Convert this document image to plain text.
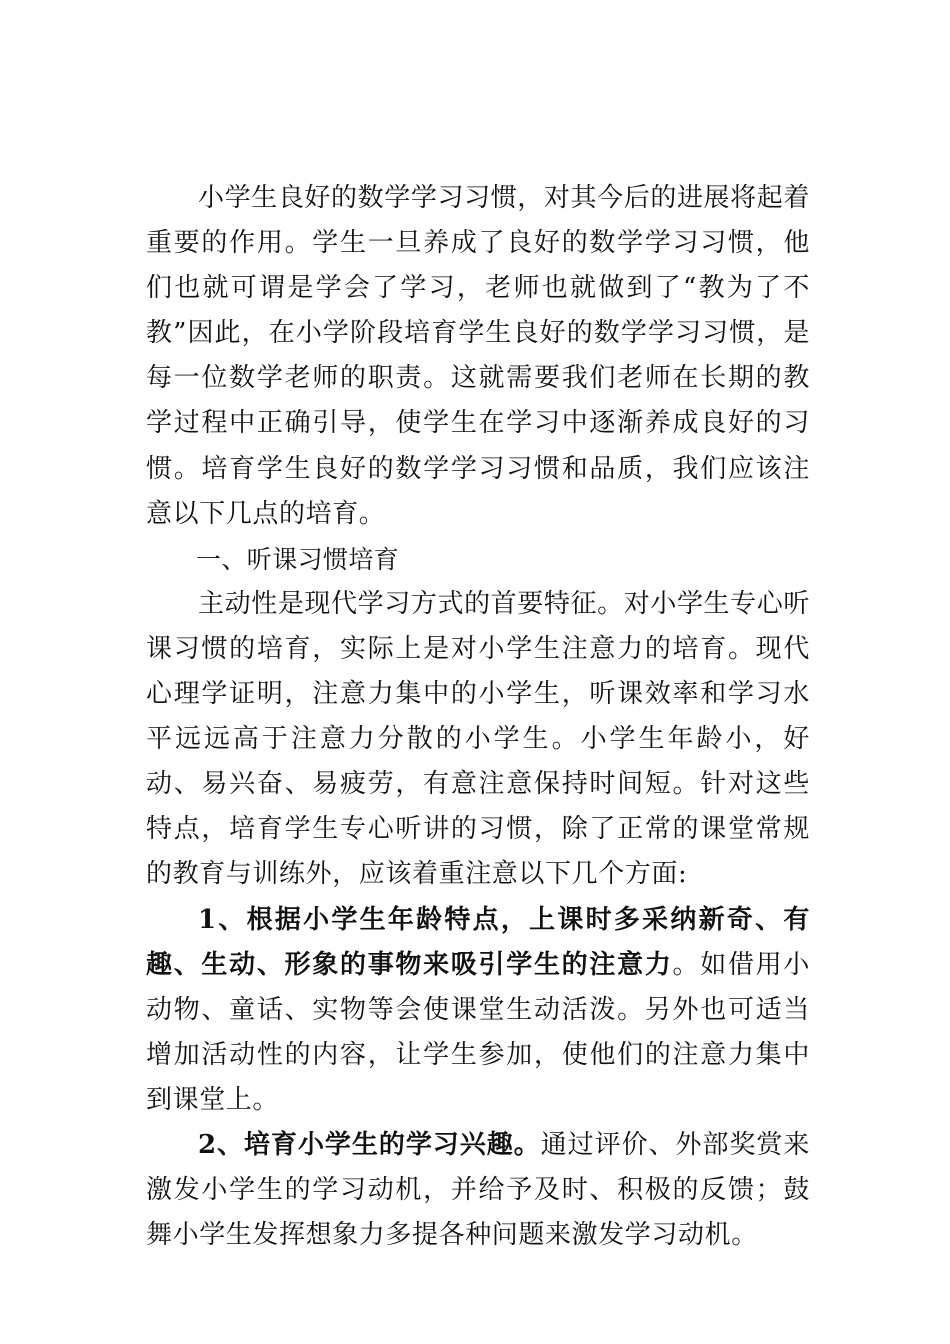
小学生良好的数学学习习惯，对其今后的进展将起着重要的作用。学生一旦养成了良好的数学学习习惯，他们也就可谓是学会了学习，老师也就做到了“教为了不教”因此，在小学阶段培育学生良好的数学学习习惯，是每一位数学老师的职责。这就需要我们老师在长期的教学过程中正确引导，使学生在学习中逐渐养成良好的习惯。培育学生良好的数学学习习惯和品质，我们应该注意以下几点的培育。

一、听课习惯培育

主动性是现代学习方式的首要特征。对小学生专心听课习惯的培育，实际上是对小学生注意力的培育。现代心理学证明，注意力集中的小学生，听课效率和学习水平远远高于注意力分散的小学生。小学生年龄小，好动、易兴奋、易疲劳，有意注意保持时间短。针对这些特点，培育学生专心听讲的习惯，除了正常的课堂常规的教育与训练外，应该着重注意以下几个方面:

1、根据小学生年龄特点，上课时多采纳新奇、有趣、生动、形象的事物来吸引学生的注意力。如借用小动物、童话、实物等会使课堂生动活泼。另外也可适当增加活动性的内容，让学生参加，使他们的注意力集中到课堂上。

2、培育小学生的学习兴趣。通过评价、外部奖赏来激发小学生的学习动机，并给予及时、积极的反馈；鼓舞小学生发挥想象力多提各种问题来激发学习动机。
